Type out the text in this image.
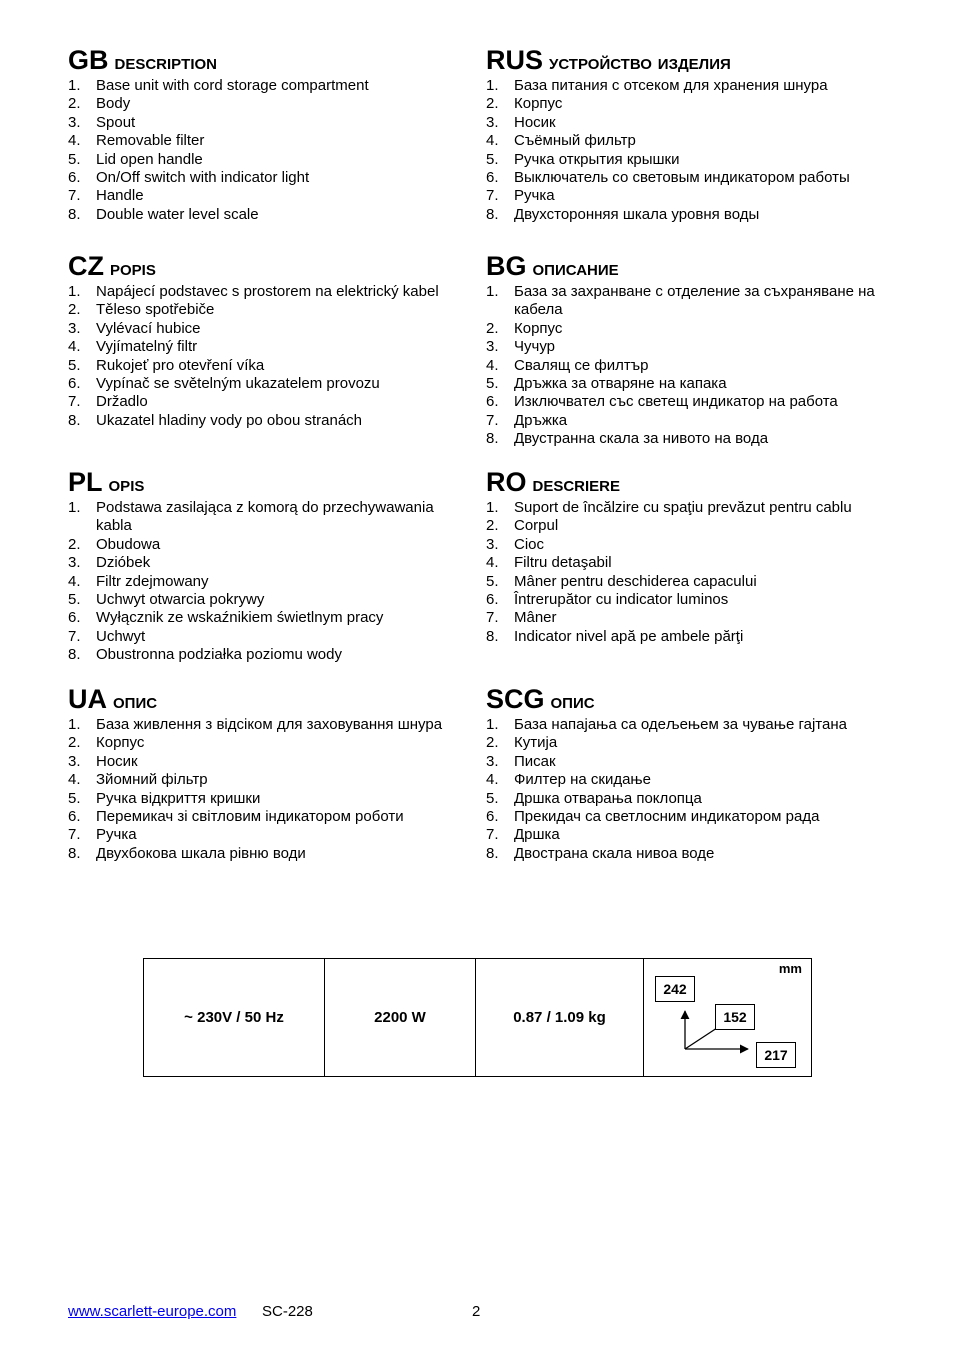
GB description
1. Base unit with cord storage compartment
2. Body
3. Spout
4. Removable filter
5. Lid open handle
6. On/Off switch with indicator light
7. Handle
8. Double water level scale
RUS устройство изделия
1. База питания с отсеком для хранения шнура
2. Корпус
3. Носик
4. Съёмный фильтр
5. Ручка открытия крышки
6. Выключатель со световым индикатором работы
7. Ручка
8. Двухсторонняя шкала уровня воды
CZ popis
1. Napájecí podstavec s prostorem na elektrický kabel
2. Těleso spotřebiče
3. Vylévací hubice
4. Vyjímatelný filtr
5. Rukojeť pro otevření víka
6. Vypínač se světelným ukazatelem provozu
7. Držadlo
8. Ukazatel hladiny vody po obou stranách
BG описание
1. База за захранване с отделение за съхраняване на кабела
2. Корпус
3. Чучур
4. Свалящ се филтър
5. Дръжка за отваряне на капака
6. Изключвател със светещ индикатор на работа
7. Дръжка
8. Двустранна скала за нивото на вода
PL opis
1. Podstawa zasilająca z komorą do przechywawania kabla
2. Obudowa
3. Dzióbek
4. Filtr zdejmowany
5. Uchwyt otwarcia pokrywy
6. Wyłącznik ze wskaźnikiem świetlnym pracy
7. Uchwyt
8. Obustronna podziałka poziomu wody
RO descriere
1. Suport de încălzire cu spaţiu prevăzut pentru cablu
2. Corpul
3. Cioc
4. Filtru detaşabil
5. Mâner pentru deschiderea capacului
6. Întrerupător cu indicator luminos
7. Mâner
8. Indicator nivel apă pe ambele părţi
UA опис
1. База живлення з відсіком для заховування шнура
2. Корпус
3. Носик
4. Зйомний фільтр
5. Ручка відкриття кришки
6. Перемикач зі світловим індикатором роботи
7. Ручка
8. Двухбокова шкала рівню води
SCG опис
1. База напајања са одељењем за чување гајтана
2. Кутија
3. Писак
4. Филтер на скидање
5. Дршка отварања поклопца
6. Прекидач са светлосним индикатором рада
7. Дршка
8. Двострана скала нивоа воде
~ 230V / 50 Hz	2200 W	0.87 / 1.09 kg	
mm
242
152
217
www.scarlett-europe.com SC-228	2
